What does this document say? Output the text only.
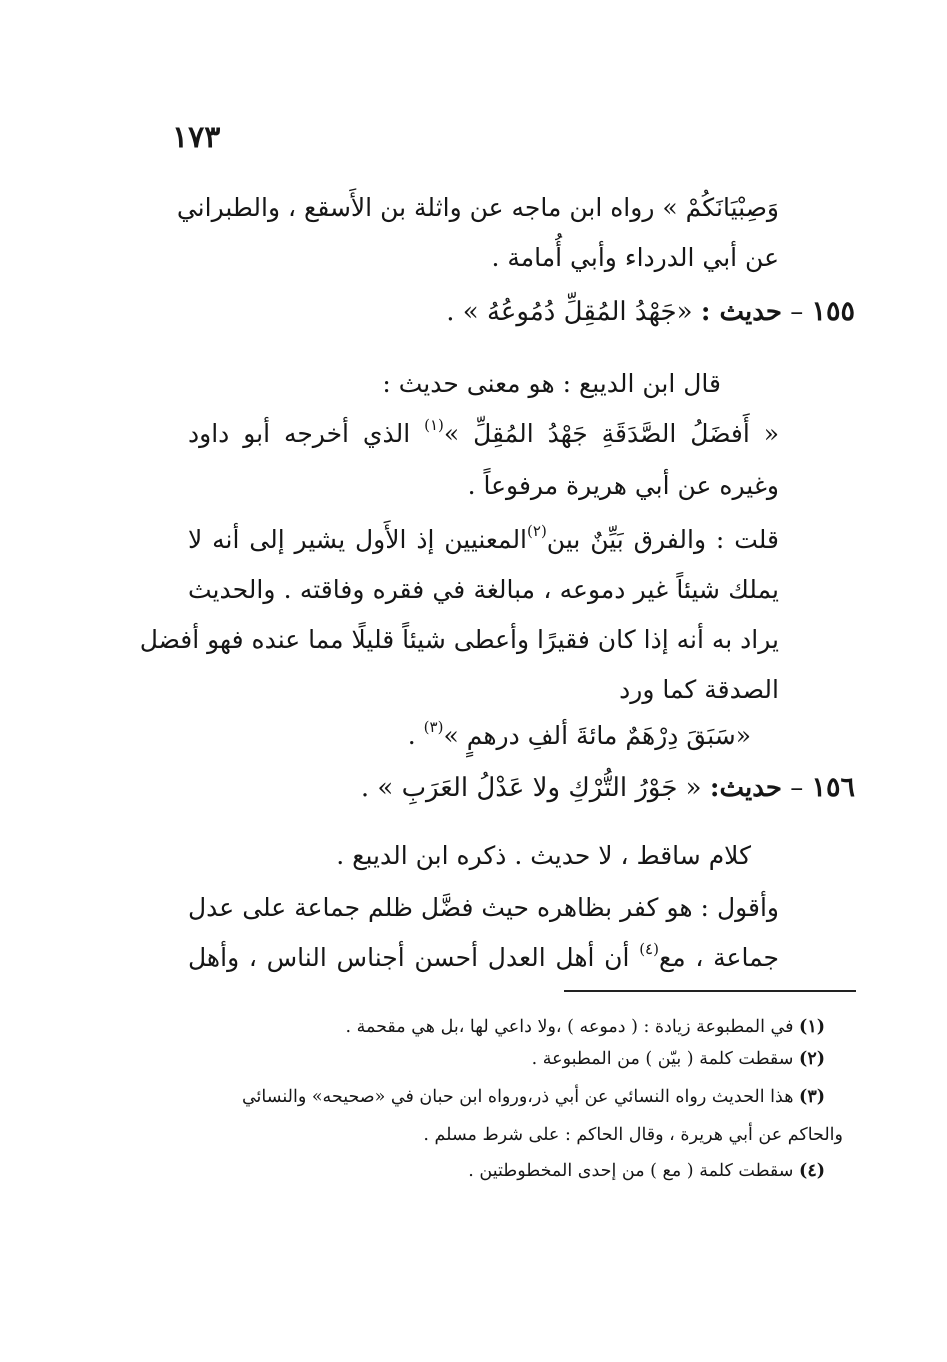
١٧٣
وَصِبْيَانَكُمْ » رواه ابن ماجه عن واثلة بن الأَسقع ، والطبراني
عن أبي الدرداء وأبي أُمامة .
١٥٥ – حديث : «جَهْدُ المُقِلِّ دُمُوعُهُ » .
قال ابن الديبع : هو معنى حديث :
« أَفضَلُ الصَّدَقَةِ جَهْدُ المُقِلِّ »$^{(١)}$ الذي أخرجه أبو داود
وغيره عن أبي هريرة مرفوعاً .
قلت : والفرق بَيِّنٌ بين$^{(٢)}$المعنيين إذ الأَول يشير إلى أنه لا
يملك شيئاً غير دموعه ، مبالغة في فقره وفاقته . والحديث
يراد به أنه إذا كان فقيرًا وأعطى شيئاً قليلًا مما عنده فهو أفضل
الصدقة كما ورد
«سَبَقَ دِرْهَمٌ مائةَ ألفِ درهمٍ »$^{(٣)}$ .
١٥٦ – حديث: « جَوْرُ التُّرْكِ ولا عَدْلُ العَرَبِ » .
كلام ساقط ، لا حديث . ذكره ابن الديبع .
وأقول : هو كفر بظاهره حيث فضَّل ظلم جماعة على عدل
جماعة ، مع$^{(٤)}$ أن أهل العدل أحسن أجناس الناس ، وأهل
(١) في المطبوعة زيادة : ( دموعه ) ،ولا داعي لها ،بل هي مقحمة .
(٢) سقطت كلمة ( بيّن ) من المطبوعة .
(٣) هذا الحديث رواه النسائي عن أبي ذر،ورواه ابن حبان في «صحيحه» والنسائي
والحاكم عن أبي هريرة ، وقال الحاكم : على شرط مسلم .
(٤) سقطت كلمة ( مع ) من إحدى المخطوطتين .
